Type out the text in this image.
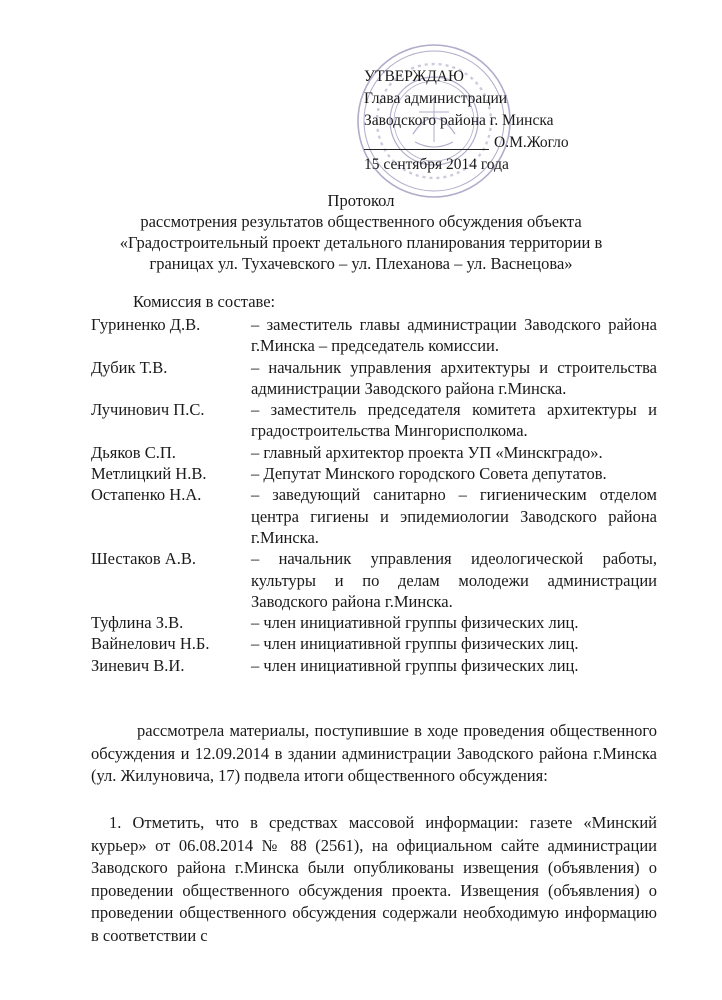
УТВЕРЖДАЮ
Глава администрации
Заводского района г. Минска
О.М.Жогло
15 сентября 2014 года
Протокол
рассмотрения результатов общественного обсуждения объекта
«Градостроительный проект детального планирования территории в
границах ул. Тухачевского – ул. Плеханова – ул. Васнецова»
Комиссия в составе:
Гуриненко Д.В.	– заместитель главы администрации Заводского района г.Минска – председатель комиссии.
Дубик Т.В.	– начальник управления архитектуры и строительства администрации Заводского района г.Минска.
Лучинович П.С.	– заместитель председателя комитета архитектуры и градостроительства Мингорисполкома.
Дьяков С.П.	– главный архитектор проекта УП «Минскградо».
Метлицкий Н.В.	– Депутат Минского городского Совета депутатов.
Остапенко Н.А.	– заведующий санитарно – гигиеническим отделом центра гигиены и эпидемиологии Заводского района г.Минска.
Шестаков А.В.	– начальник управления идеологической работы, культуры и по делам молодежи администрации Заводского района г.Минска.
Туфлина З.В.	– член инициативной группы физических лиц.
Вайнелович Н.Б.	– член инициативной группы физических лиц.
Зиневич В.И.	– член инициативной группы физических лиц.
рассмотрела материалы, поступившие в ходе проведения общественного обсуждения и 12.09.2014 в здании администрации Заводского района г.Минска (ул. Жилуновича, 17) подвела итоги общественного обсуждения:
1. Отметить, что в средствах массовой информации: газете «Минский курьер» от 06.08.2014 № 88 (2561), на официальном сайте администрации Заводского района г.Минска были опубликованы извещения (объявления) о проведении общественного обсуждения проекта. Извещения (объявления) о проведении общественного обсуждения содержали необходимую информацию в соответствии с
